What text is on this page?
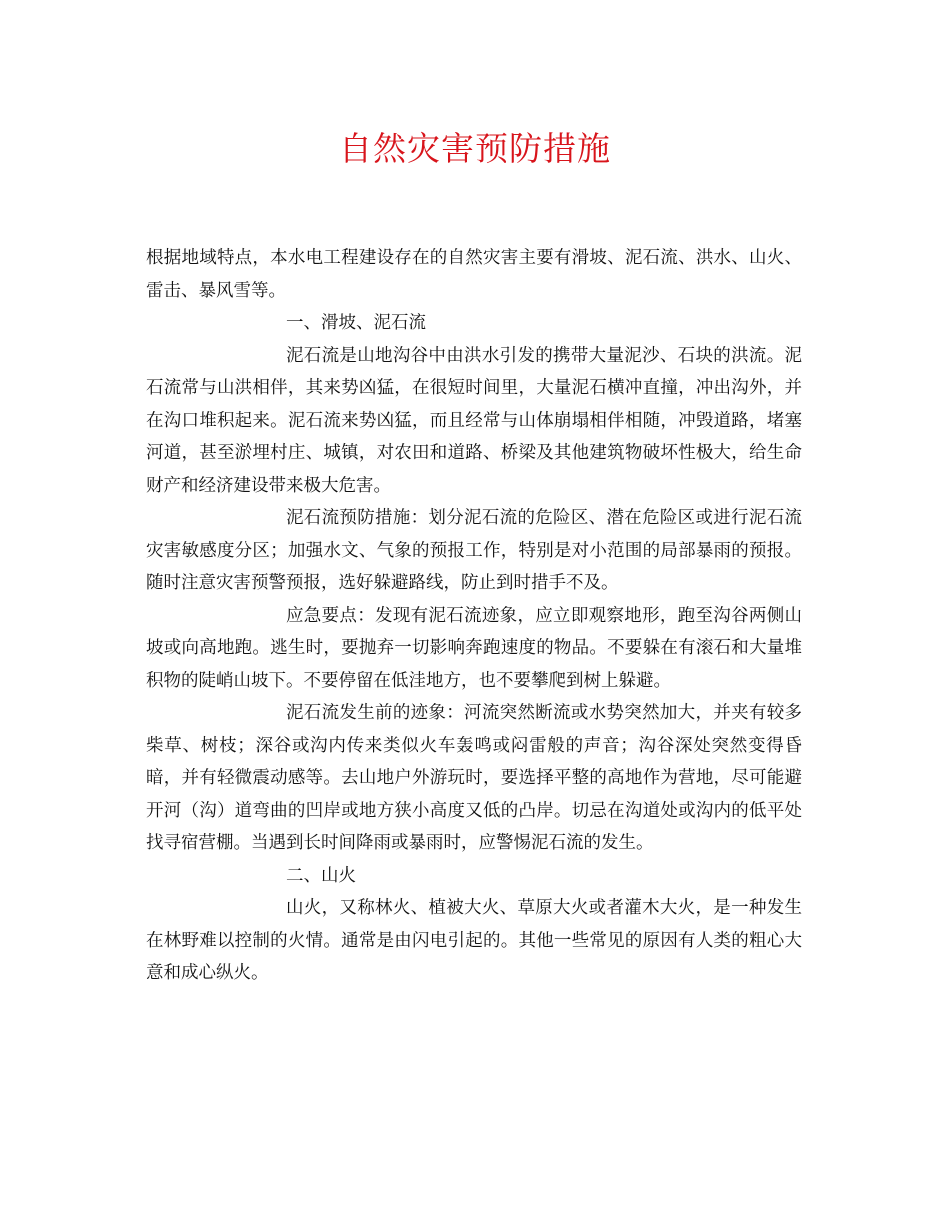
自然灾害预防措施

根据地域特点，本水电工程建设存在的自然灾害主要有滑坡、泥石流、洪水、山火、雷击、暴风雪等。

一、滑坡、泥石流

泥石流是山地沟谷中由洪水引发的携带大量泥沙、石块的洪流。泥石流常与山洪相伴，其来势凶猛，在很短时间里，大量泥石横冲直撞，冲出沟外，并在沟口堆积起来。泥石流来势凶猛，而且经常与山体崩塌相伴相随，冲毁道路，堵塞河道，甚至淤埋村庄、城镇，对农田和道路、桥梁及其他建筑物破坏性极大，给生命财产和经济建设带来极大危害。

泥石流预防措施：划分泥石流的危险区、潜在危险区或进行泥石流灾害敏感度分区；加强水文、气象的预报工作，特别是对小范围的局部暴雨的预报。随时注意灾害预警预报，选好躲避路线，防止到时措手不及。

应急要点：发现有泥石流迹象，应立即观察地形，跑至沟谷两侧山坡或向高地跑。逃生时，要抛弃一切影响奔跑速度的物品。不要躲在有滚石和大量堆积物的陡峭山坡下。不要停留在低洼地方，也不要攀爬到树上躲避。

泥石流发生前的迹象：河流突然断流或水势突然加大，并夹有较多柴草、树枝；深谷或沟内传来类似火车轰鸣或闷雷般的声音；沟谷深处突然变得昏暗，并有轻微震动感等。去山地户外游玩时，要选择平整的高地作为营地，尽可能避开河（沟）道弯曲的凹岸或地方狭小高度又低的凸岸。切忌在沟道处或沟内的低平处找寻宿营棚。当遇到长时间降雨或暴雨时，应警惕泥石流的发生。

二、山火

山火，又称林火、植被大火、草原大火或者灌木大火，是一种发生在林野难以控制的火情。通常是由闪电引起的。其他一些常见的原因有人类的粗心大意和成心纵火。
